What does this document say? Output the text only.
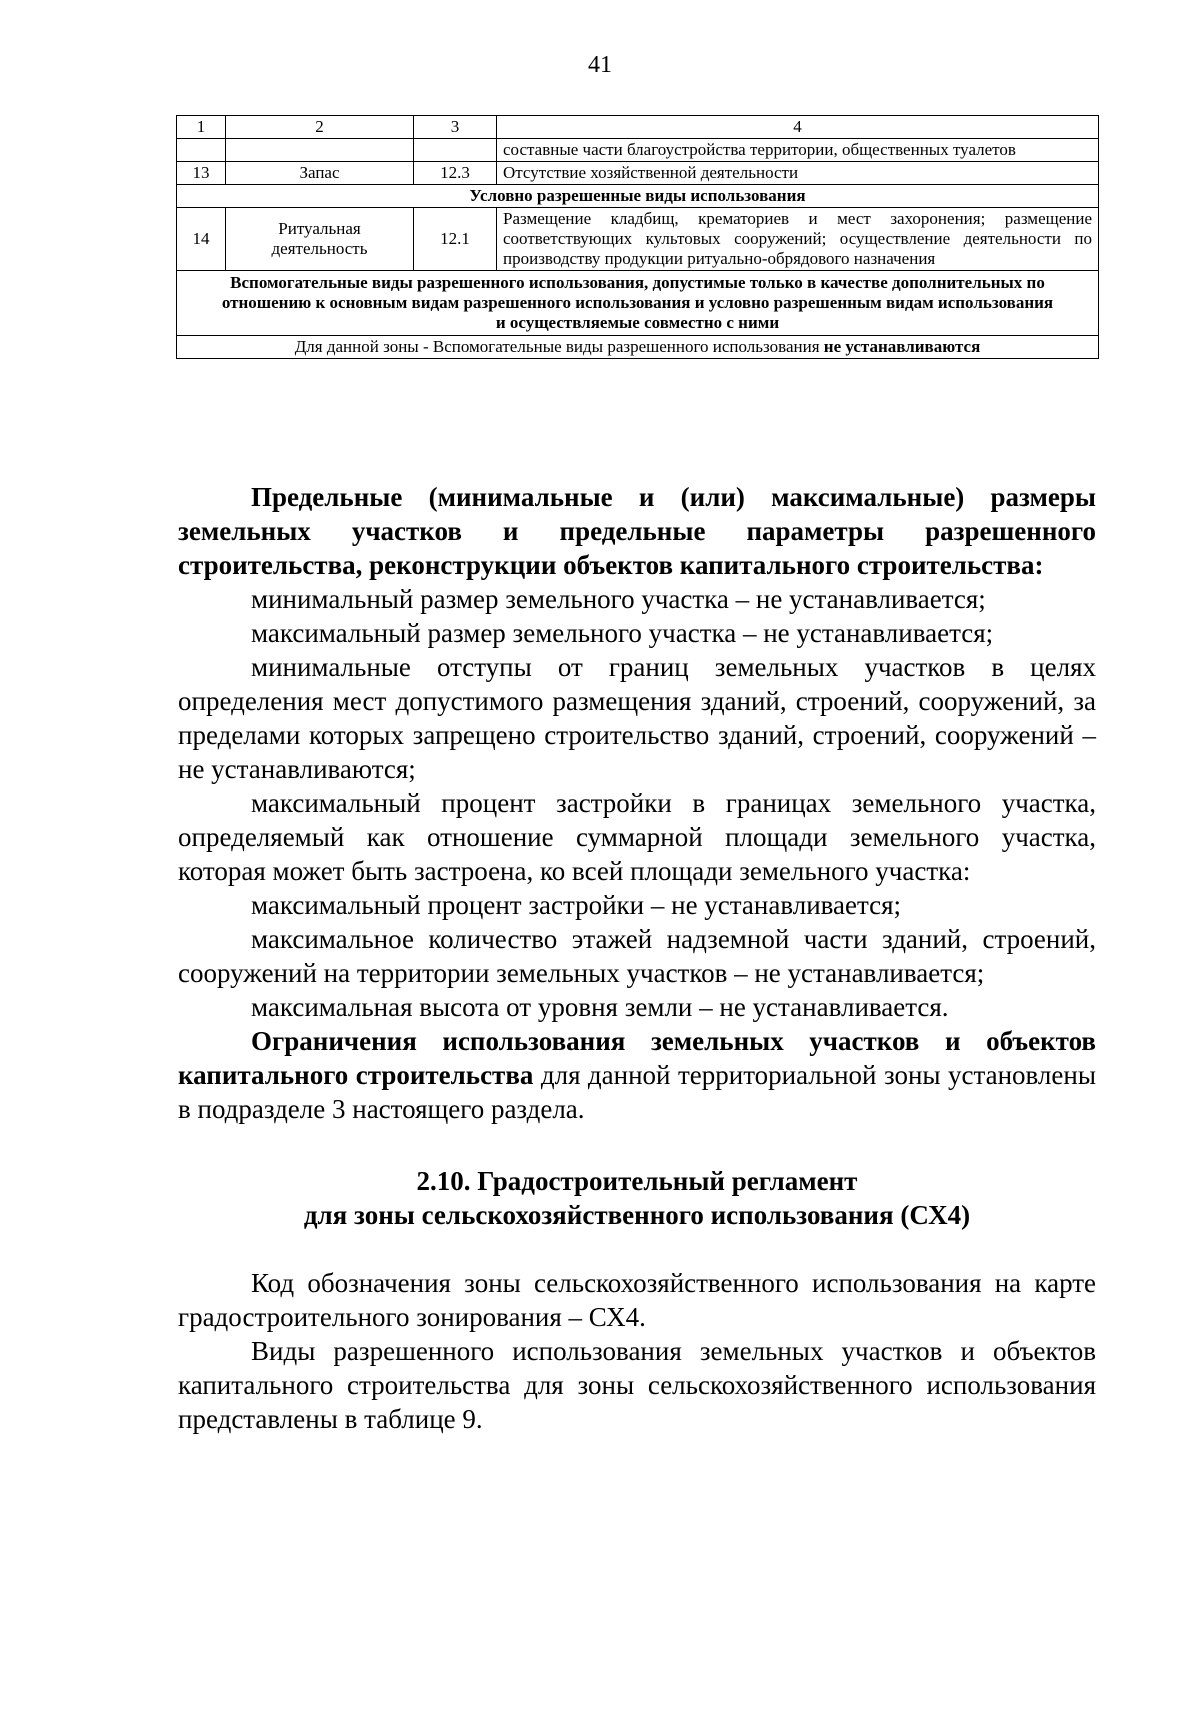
41
1	2	3	4
			составные части благоустройства территории, общественных туалетов
13	Запас	12.3	Отсутствие хозяйственной деятельности
Условно разрешенные виды использования			
14	Ритуальная деятельность	12.1	Размещение кладбищ, крематориев и мест захоронения; размещение соответствующих культовых сооружений; осуществление деятельности по производству продукции ритуально-обрядового назначения
Вспомогательные виды разрешенного использования, допустимые только в качестве дополнительных по отношению к основным видам разрешенного использования и условно разрешенным видам использования и осуществляемые совместно с ними			
Для данной зоны - Вспомогательные виды разрешенного использования не устанавливаются			

Предельные (минимальные и (или) максимальные) размеры земельных участков и предельные параметры разрешенного строительства, реконструкции объектов капитального строительства:

минимальный размер земельного участка – не устанавливается;

максимальный размер земельного участка – не устанавливается;

минимальные отступы от границ земельных участков в целях определения мест допустимого размещения зданий, строений, сооружений, за пределами которых запрещено строительство зданий, строений, сооружений – не устанавливаются;

максимальный процент застройки в границах земельного участка, определяемый как отношение суммарной площади земельного участка, которая может быть застроена, ко всей площади земельного участка:

максимальный процент застройки – не устанавливается;

максимальное количество этажей надземной части зданий, строений, сооружений на территории земельных участков – не устанавливается;

максимальная высота от уровня земли – не устанавливается.

Ограничения использования земельных участков и объектов капитального строительства для данной территориальной зоны установлены в подразделе 3 настоящего раздела.

2.10. Градостроительный регламент

для зоны сельскохозяйственного использования (СХ4)

Код обозначения зоны сельскохозяйственного использования на карте градостроительного зонирования – СХ4.

Виды разрешенного использования земельных участков и объектов капитального строительства для зоны сельскохозяйственного использования представлены в таблице 9.
